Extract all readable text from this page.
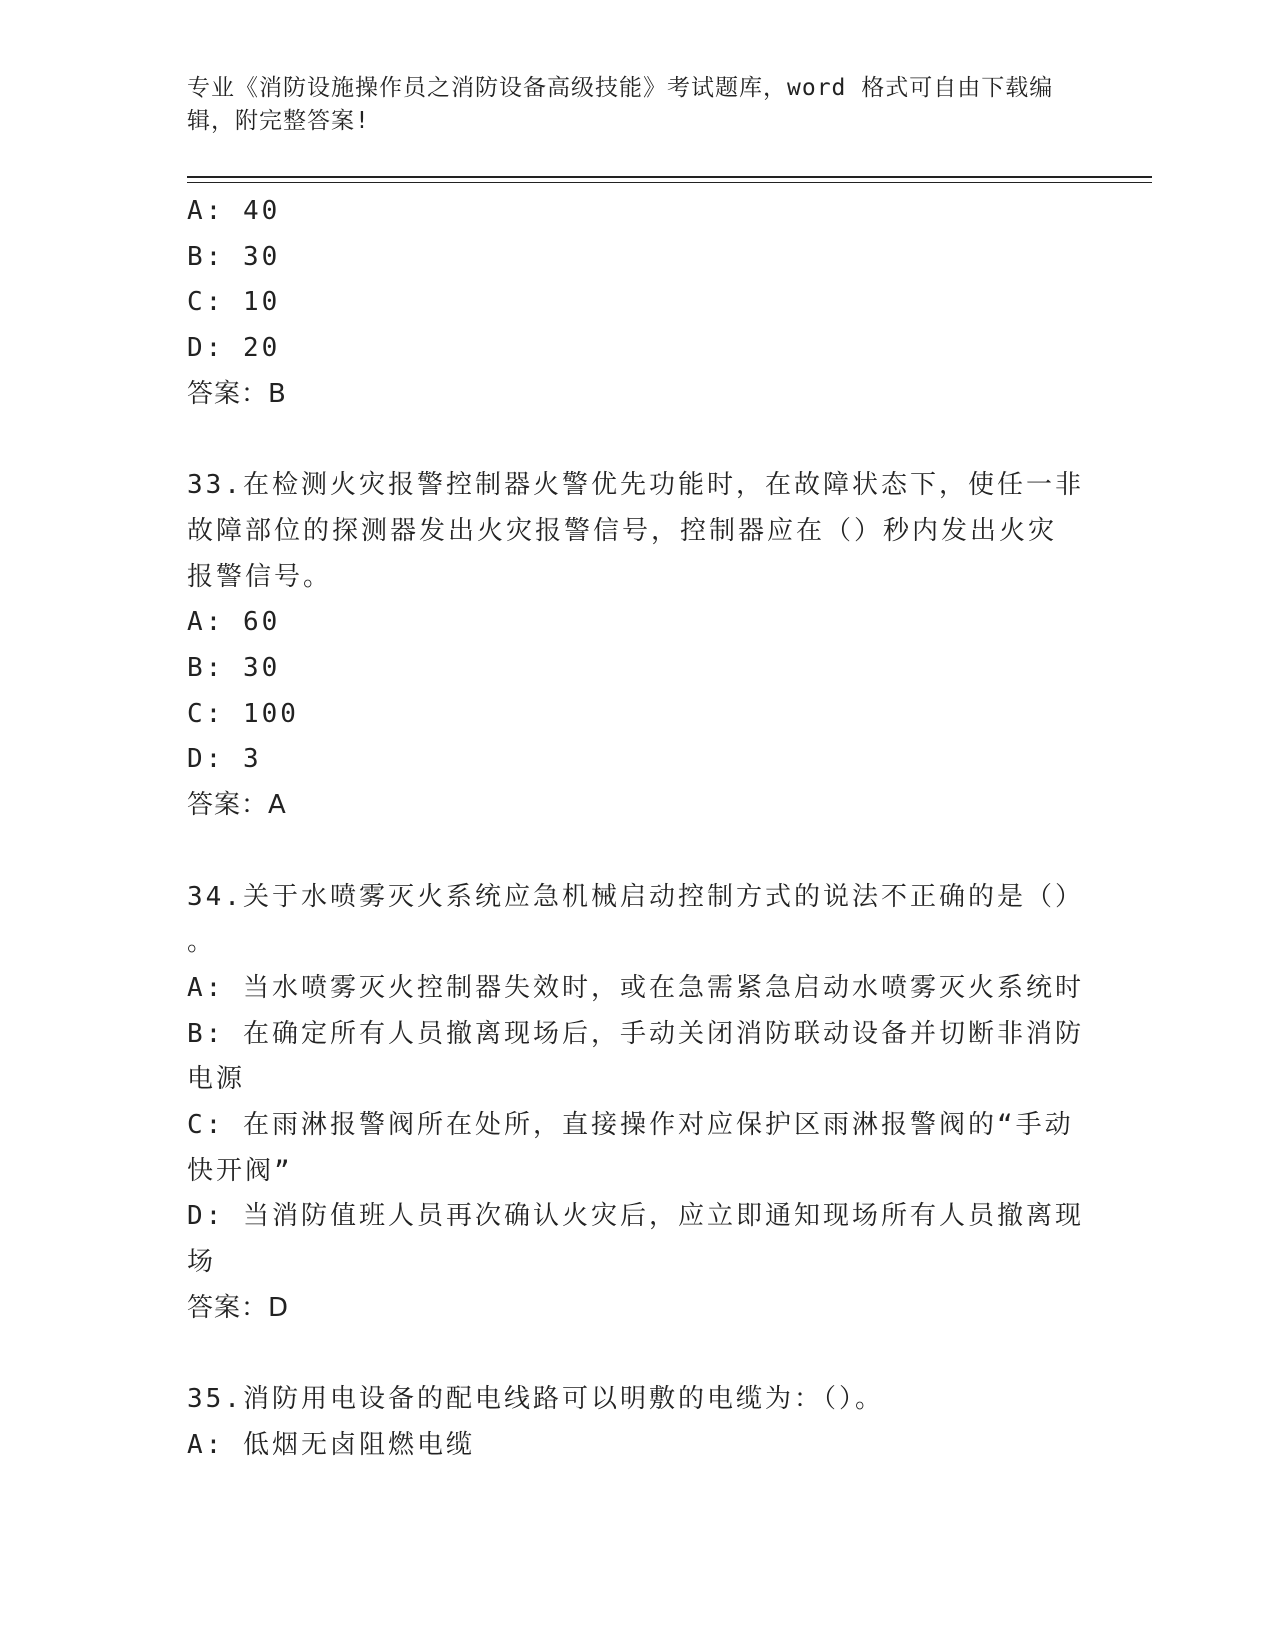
专业《消防设施操作员之消防设备高级技能》考试题库，word 格式可自由下载编
辑，附完整答案!
A: 40
B: 30
C: 10
D: 20
答案：B
33.在检测火灾报警控制器火警优先功能时，在故障状态下，使任一非
故障部位的探测器发出火灾报警信号，控制器应在（）秒内发出火灾
报警信号。
A: 60
B: 30
C: 100
D: 3
答案：A
34.关于水喷雾灭火系统应急机械启动控制方式的说法不正确的是（）
。
A: 当水喷雾灭火控制器失效时，或在急需紧急启动水喷雾灭火系统时
B: 在确定所有人员撤离现场后，手动关闭消防联动设备并切断非消防
电源
C: 在雨淋报警阀所在处所，直接操作对应保护区雨淋报警阀的“手动
快开阀”
D: 当消防值班人员再次确认火灾后，应立即通知现场所有人员撤离现
场
答案：D
35.消防用电设备的配电线路可以明敷的电缆为：（）。
A: 低烟无卤阻燃电缆
